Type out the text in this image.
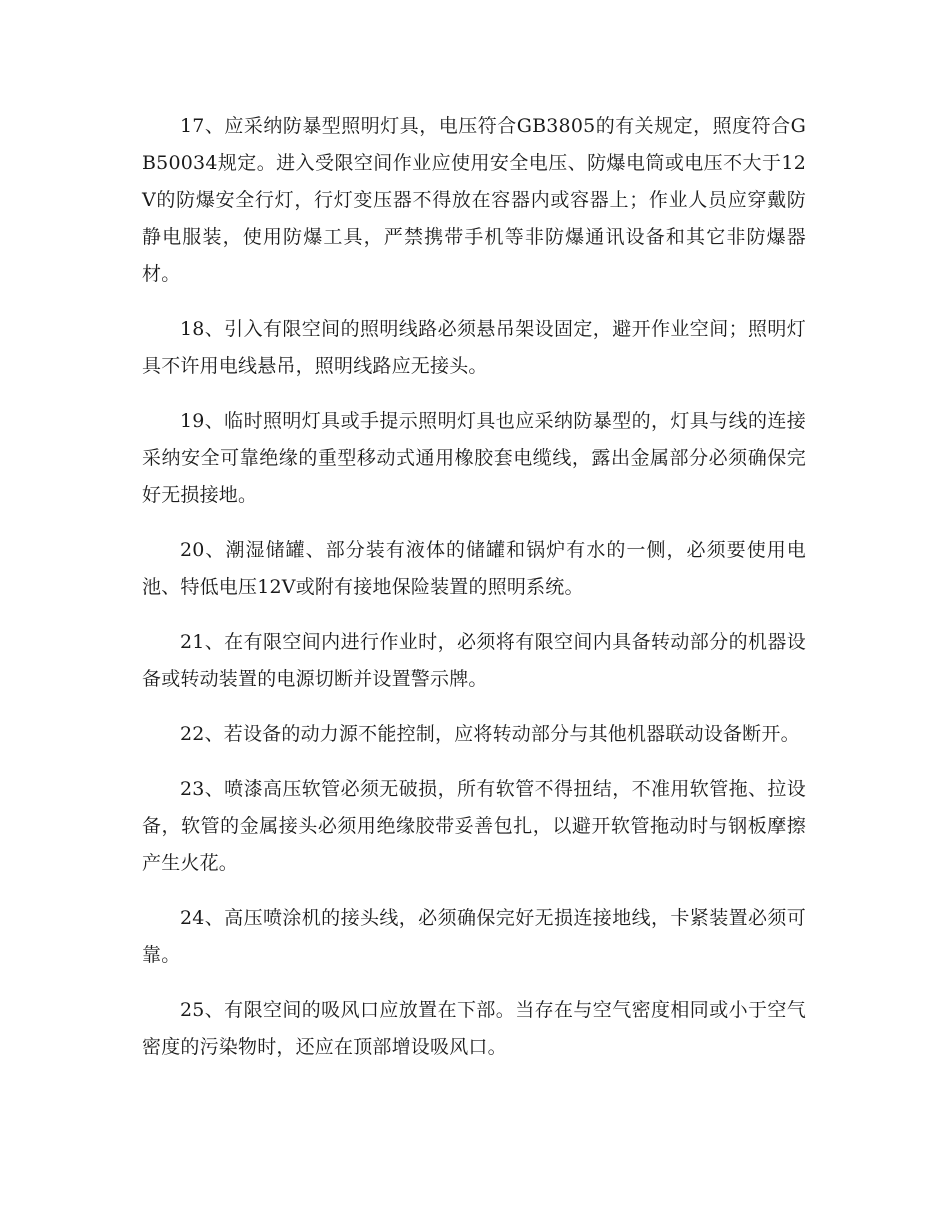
17、应采纳防暴型照明灯具，电压符合GB3805的有关规定，照度符合GB50034规定。进入受限空间作业应使用安全电压、防爆电筒或电压不大于12V的防爆安全行灯，行灯变压器不得放在容器内或容器上；作业人员应穿戴防静电服装，使用防爆工具，严禁携带手机等非防爆通讯设备和其它非防爆器材。

18、引入有限空间的照明线路必须悬吊架设固定，避开作业空间；照明灯具不许用电线悬吊，照明线路应无接头。

19、临时照明灯具或手提示照明灯具也应采纳防暴型的，灯具与线的连接采纳安全可靠绝缘的重型移动式通用橡胶套电缆线，露出金属部分必须确保完好无损接地。

20、潮湿储罐、部分装有液体的储罐和锅炉有水的一侧，必须要使用电池、特低电压12V或附有接地保险装置的照明系统。

21、在有限空间内进行作业时，必须将有限空间内具备转动部分的机器设备或转动装置的电源切断并设置警示牌。

22、若设备的动力源不能控制，应将转动部分与其他机器联动设备断开。

23、喷漆高压软管必须无破损，所有软管不得扭结，不准用软管拖、拉设备，软管的金属接头必须用绝缘胶带妥善包扎，以避开软管拖动时与钢板摩擦产生火花。

24、高压喷涂机的接头线，必须确保完好无损连接地线，卡紧装置必须可靠。

25、有限空间的吸风口应放置在下部。当存在与空气密度相同或小于空气密度的污染物时，还应在顶部增设吸风口。
